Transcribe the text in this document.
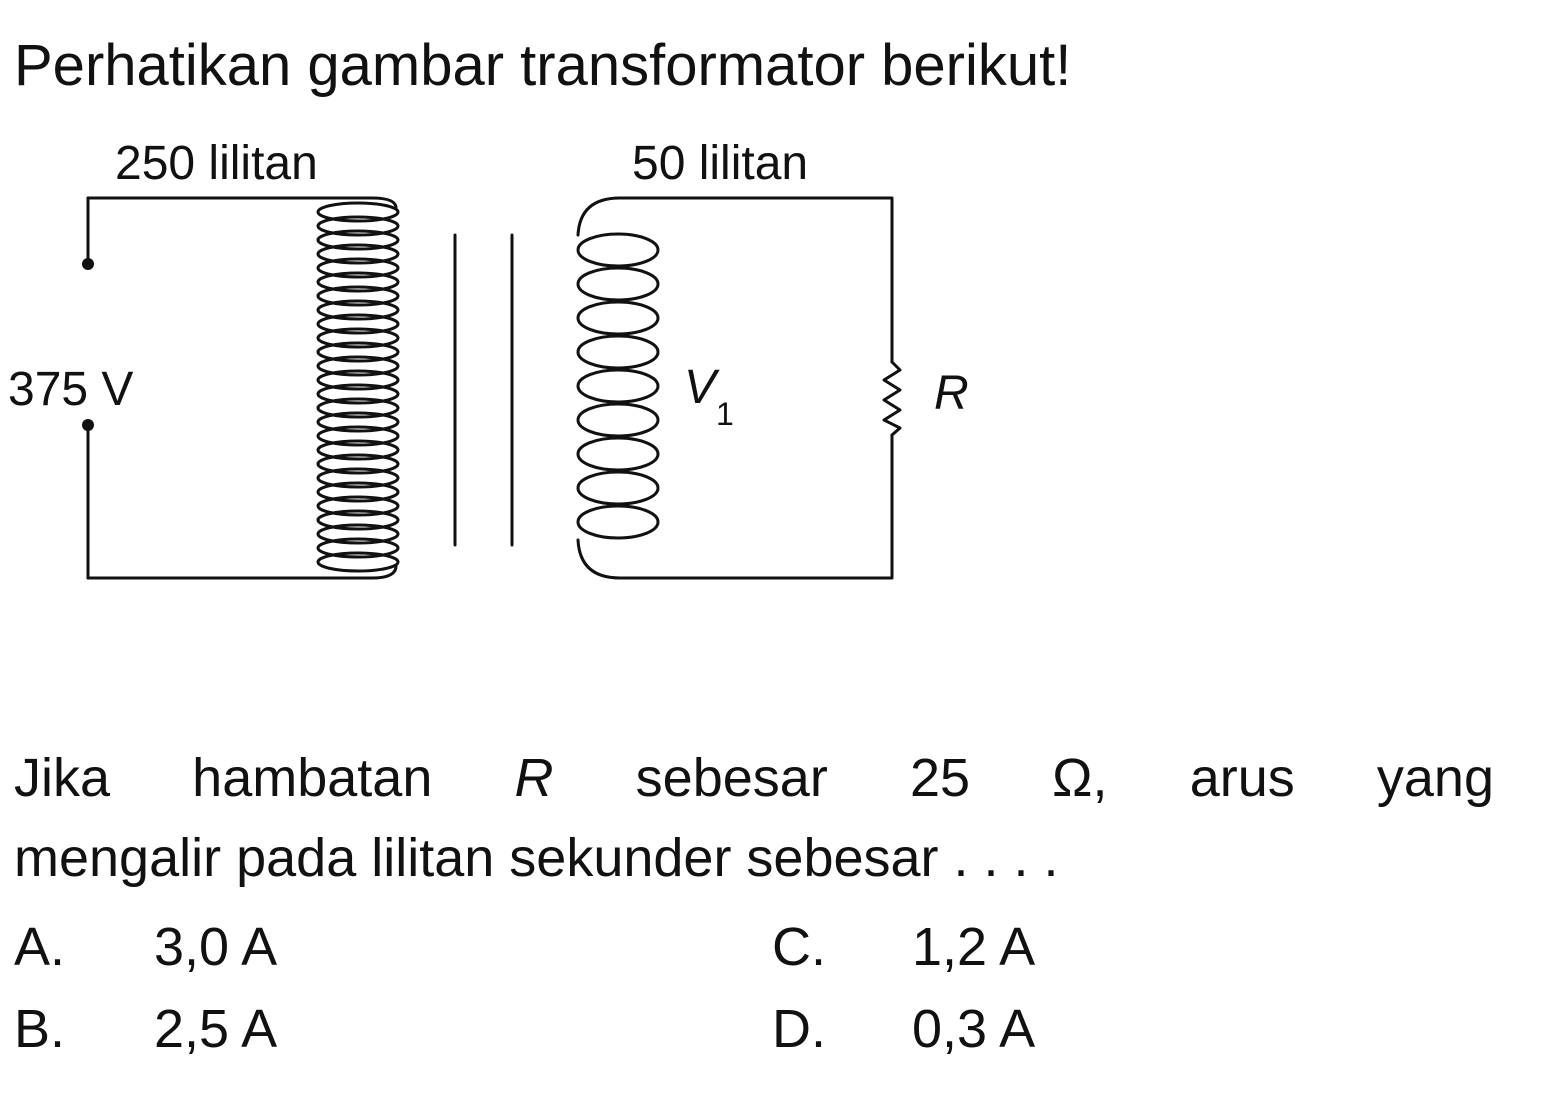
Perhatikan gambar transformator berikut!
250 lilitan	50 lilitan
375 V	$V_1$	R
Jika hambatan R sebesar 25 Ω, arus yang
mengalir pada lilitan sekunder sebesar . . . .
A. 3,0 A
B. 2,5 A
C. 1,2 A
D. 0,3 A
